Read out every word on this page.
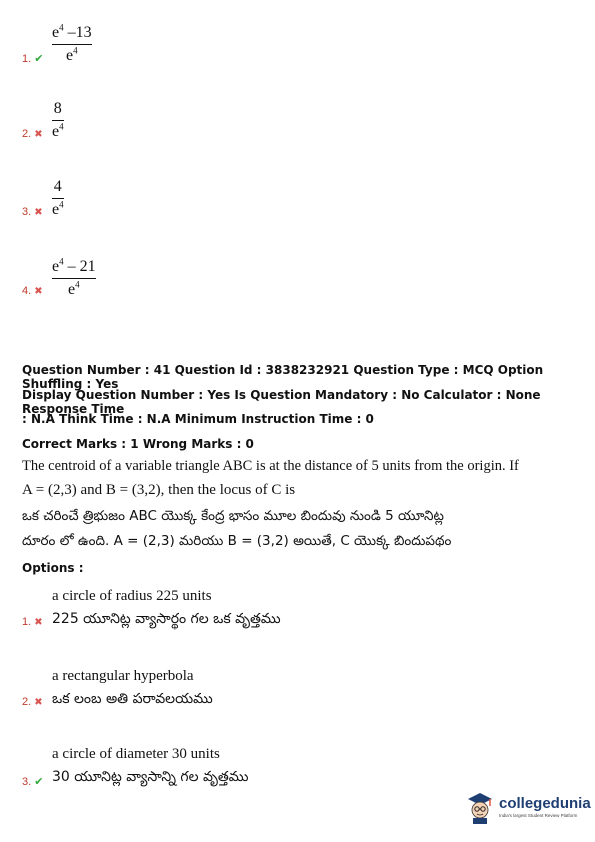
1. ✔
$e^4$ –13
$e^4$
2. ✖
8
$e^4$
3. ✖
4
$e^4$
4. ✖
$e^4 - 21$
$e^4$
Question Number : 41 Question Id : 3838232921 Question Type : MCQ Option Shuffling : Yes
Display Question Number : Yes Is Question Mandatory : No Calculator : None Response Time
: N.A Think Time : N.A Minimum Instruction Time : 0
Correct Marks : 1 Wrong Marks : 0
The centroid of a variable triangle ABC is at the distance of 5 units from the origin. If
A = (2,3) and B = (3,2), then the locus of C is
ఒక చరించే త్రిభుజం ABC యొక్క కేంద్ర భాసం మూల బిందువు నుండి 5 యూనిట్ల
దూరం లో ఉంది. A = (2,3) మరియు B = (3,2) అయితే, C యొక్క బిందుపథం
Options :
a circle of radius 225 units
1. ✖ 225 యూనిట్ల వ్యాసార్థం గల ఒక వృత్తము
a rectangular hyperbola
2. ✖ ఒక లంబ అతి పరావలయము
a circle of diameter 30 units
3. ✔ 30 యూనిట్ల వ్యాసాన్ని గల వృత్తము
collegedunia
India's largest Student Review Platform
